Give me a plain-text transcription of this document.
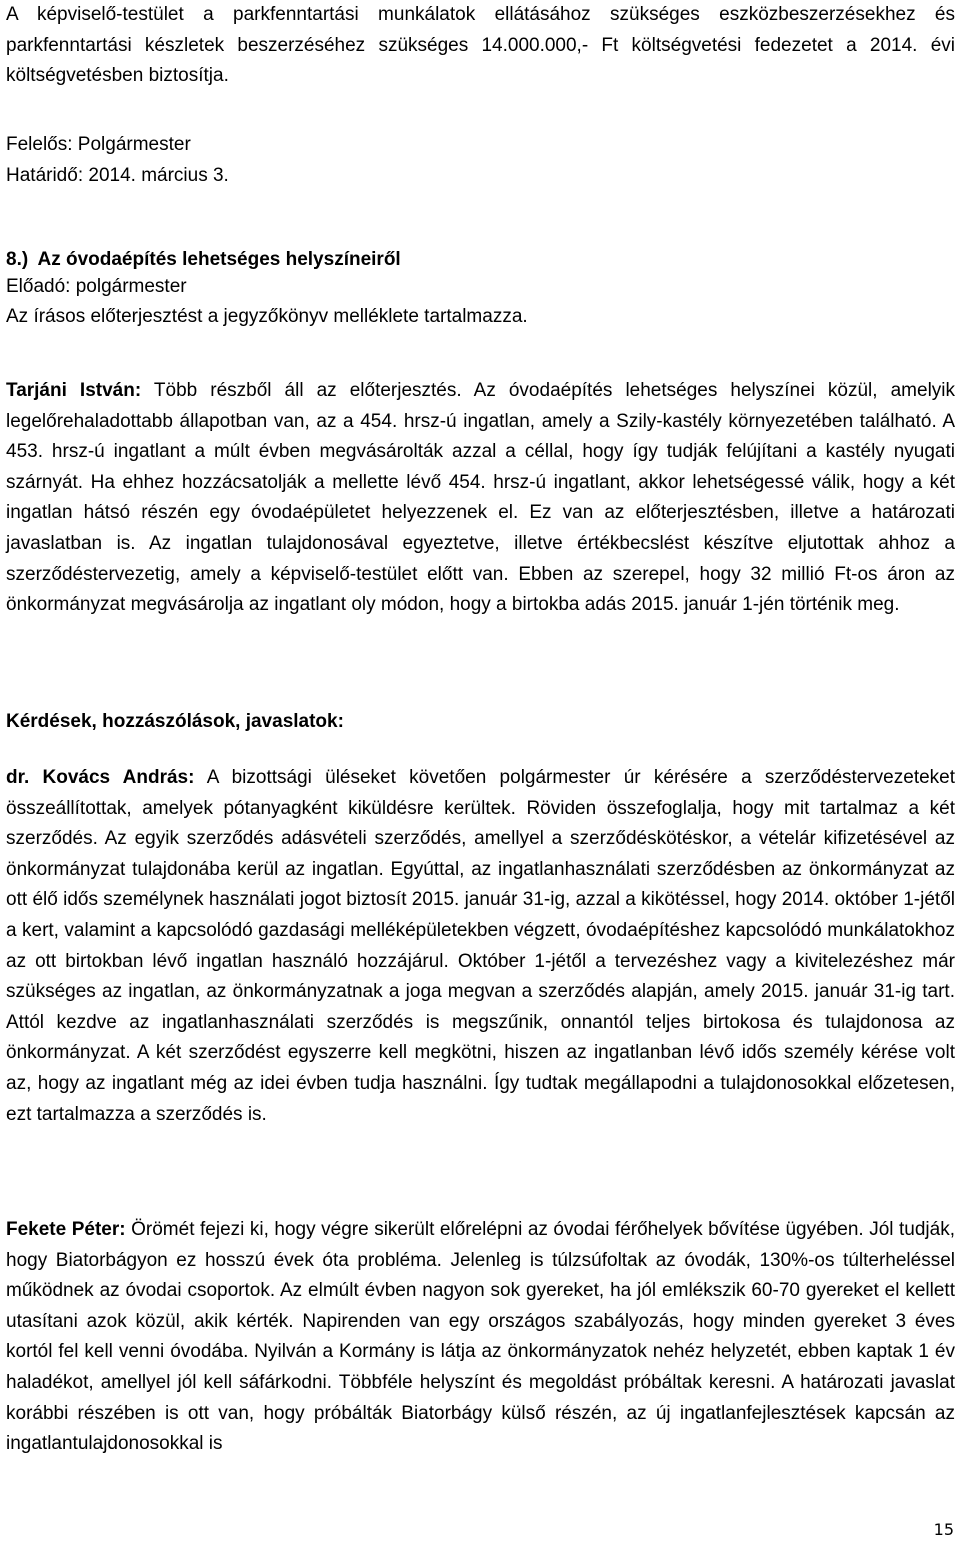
A képviselő-testület a parkfenntartási munkálatok ellátásához szükséges eszközbeszerzésekhez és parkfenntartási készletek beszerzéséhez szükséges 14.000.000,- Ft költségvetési fedezetet a 2014. évi költségvetésben biztosítja.

Felelős: Polgármester

Határidő: 2014. március 3.

8.) Az óvodaépítés lehetséges helyszíneiről

Előadó: polgármester

Az írásos előterjesztést a jegyzőkönyv melléklete tartalmazza.

Tarjáni István: Több részből áll az előterjesztés. Az óvodaépítés lehetséges helyszínei közül, amelyik legelőrehaladottabb állapotban van, az a 454. hrsz-ú ingatlan, amely a Szily-kastély környezetében található. A 453. hrsz-ú ingatlant a múlt évben megvásárolták azzal a céllal, hogy így tudják felújítani a kastély nyugati szárnyát. Ha ehhez hozzácsatolják a mellette lévő 454. hrsz-ú ingatlant, akkor lehetségessé válik, hogy a két ingatlan hátsó részén egy óvodaépületet helyezzenek el. Ez van az előterjesztésben, illetve a határozati javaslatban is. Az ingatlan tulajdonosával egyeztetve, illetve értékbecslést készítve eljutottak ahhoz a szerződéstervezetig, amely a képviselő-testület előtt van. Ebben az szerepel, hogy 32 millió Ft-os áron az önkormányzat megvásárolja az ingatlant oly módon, hogy a birtokba adás 2015. január 1-jén történik meg.

Kérdések, hozzászólások, javaslatok:

dr. Kovács András: A bizottsági üléseket követően polgármester úr kérésére a szerződéstervezeteket összeállítottak, amelyek pótanyagként kiküldésre kerültek. Röviden összefoglalja, hogy mit tartalmaz a két szerződés. Az egyik szerződés adásvételi szerződés, amellyel a szerződéskötéskor, a vételár kifizetésével az önkormányzat tulajdonába kerül az ingatlan. Egyúttal, az ingatlanhasználati szerződésben az önkormányzat az ott élő idős személynek használati jogot biztosít 2015. január 31-ig, azzal a kikötéssel, hogy 2014. október 1-jétől a kert, valamint a kapcsolódó gazdasági melléképületekben végzett, óvodaépítéshez kapcsolódó munkálatokhoz az ott birtokban lévő ingatlan használó hozzájárul. Október 1-jétől a tervezéshez vagy a kivitelezéshez már szükséges az ingatlan, az önkormányzatnak a joga megvan a szerződés alapján, amely 2015. január 31-ig tart. Attól kezdve az ingatlanhasználati szerződés is megszűnik, onnantól teljes birtokosa és tulajdonosa az önkormányzat. A két szerződést egyszerre kell megkötni, hiszen az ingatlanban lévő idős személy kérése volt az, hogy az ingatlant még az idei évben tudja használni. Így tudtak megállapodni a tulajdonosokkal előzetesen, ezt tartalmazza a szerződés is.

Fekete Péter: Örömét fejezi ki, hogy végre sikerült előrelépni az óvodai férőhelyek bővítése ügyében. Jól tudják, hogy Biatorbágyon ez hosszú évek óta probléma. Jelenleg is túlzsúfoltak az óvodák, 130%-os túlterheléssel működnek az óvodai csoportok. Az elmúlt évben nagyon sok gyereket, ha jól emlékszik 60-70 gyereket el kellett utasítani azok közül, akik kérték. Napirenden van egy országos szabályozás, hogy minden gyereket 3 éves kortól fel kell venni óvodába. Nyilván a Kormány is látja az önkormányzatok nehéz helyzetét, ebben kaptak 1 év haladékot, amellyel jól kell sáfárkodni. Többféle helyszínt és megoldást próbáltak keresni. A határozati javaslat korábbi részében is ott van, hogy próbálták Biatorbágy külső részén, az új ingatlanfejlesztések kapcsán az ingatlantulajdonosokkal is

15
